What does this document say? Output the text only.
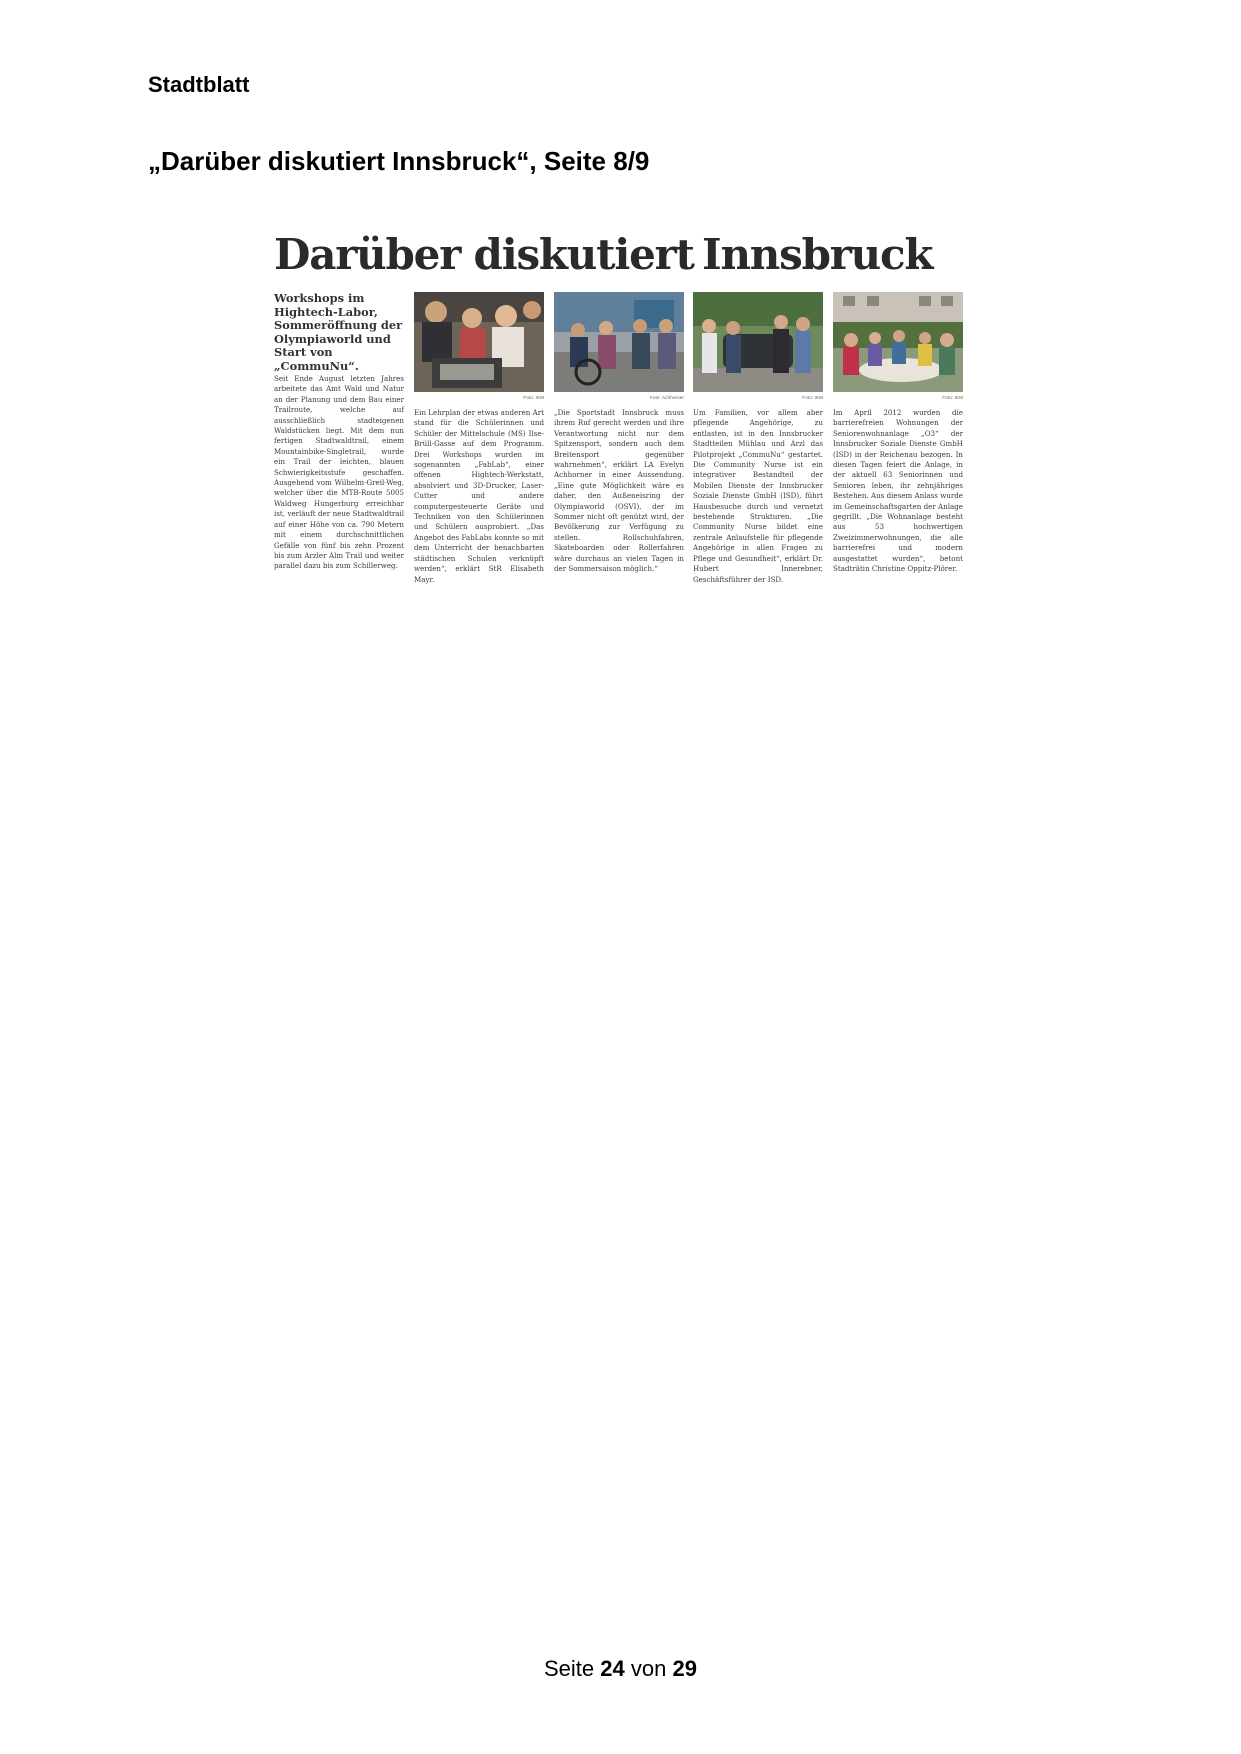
Stadtblatt
„Darüber diskutiert Innsbruck“, Seite 8/9
Darüber diskutiert Innsbruck
Workshops im Hightech-Labor, Sommeröffnung der Olympiaworld und Start von „CommuNu“.
Foto: IKM	Foto: Achhorner	Foto: IKM	Foto: IKM
Seit Ende August letzten Jahres arbeitete das Amt Wald und Natur an der Planung und dem Bau einer Trailroute, welche auf ausschließlich stadteigenen Waldstücken liegt. Mit dem nun fertigen Stadtwaldtrail, einem Mountainbike-Singletrail, wurde ein Trail der leichten, blauen Schwierigkeitsstufe geschaffen. Ausgehend vom Wilhelm-Greil-Weg, welcher über die MTB-Route 5005 Waldweg Hungerburg erreichbar ist, verläuft der neue Stadtwaldtrail auf einer Höhe von ca. 790 Metern mit einem durchschnittlichen Gefälle von fünf bis zehn Prozent bis zum Arzler Alm Trail und weiter parallel dazu bis zum Schillerweg.
Ein Lehrplan der etwas anderen Art stand für die Schülerinnen und Schüler der Mittelschule (MS) Ilse-Brüll-Gasse auf dem Programm. Drei Workshops wurden im sogenannten „FabLab“, einer offenen Hightech-Werkstatt, absolviert und 3D-Drucker, Laser-Cutter und andere computergesteuerte Geräte und Techniken von den Schülerinnen und Schülern ausprobiert. „Das Angebot des FabLabs konnte so mit dem Unterricht der benachbarten städtischen Schulen verknüpft werden“, erklärt StR Elisabeth Mayr.
„Die Sportstadt Innsbruck muss ihrem Ruf gerecht werden und ihre Verantwortung nicht nur dem Spitzensport, sondern auch dem Breitensport gegenüber wahrnehmen“, erklärt LA Evelyn Achhorner in einer Aussendung. „Eine gute Möglichkeit wäre es daher, den Außeneisring der Olympiaworld (OSVI), der im Sommer nicht oft genützt wird, der Bevölkerung zur Verfügung zu stellen. Rollschuhfahren, Skateboarden oder Rollerfahren wäre durchaus an vielen Tagen in der Sommersaison möglich.“
Um Familien, vor allem aber pflegende Angehörige, zu entlasten, ist in den Innsbrucker Stadtteilen Mühlau und Arzl das Pilotprojekt „CommuNu“ gestartet. Die Community Nurse ist ein integrativer Bestandteil der Mobilen Dienste der Innsbrucker Soziale Dienste GmbH (ISD), führt Hausbesuche durch und vernetzt bestehende Strukturen. „Die Community Nurse bildet eine zentrale Anlaufstelle für pflegende Angehörige in allen Fragen zu Pflege und Gesundheit“, erklärt Dr. Hubert Innerebner, Geschäftsführer der ISD.
Im April 2012 wurden die barrierefreien Wohnungen der Seniorenwohnanlage „O3“ der Innsbrucker Soziale Dienste GmbH (ISD) in der Reichenau bezogen. In diesen Tagen feiert die Anlage, in der aktuell 63 Seniorinnen und Senioren leben, ihr zehnjähriges Bestehen. Aus diesem Anlass wurde im Gemeinschaftsgarten der Anlage gegrillt. „Die Wohnanlage besteht aus 53 hochwertigen Zweizimmerwohnungen, die alle barrierefrei und modern ausgestattet wurden“, betont Stadträtin Christine Oppitz-Plörer.
Seite 24 von 29
